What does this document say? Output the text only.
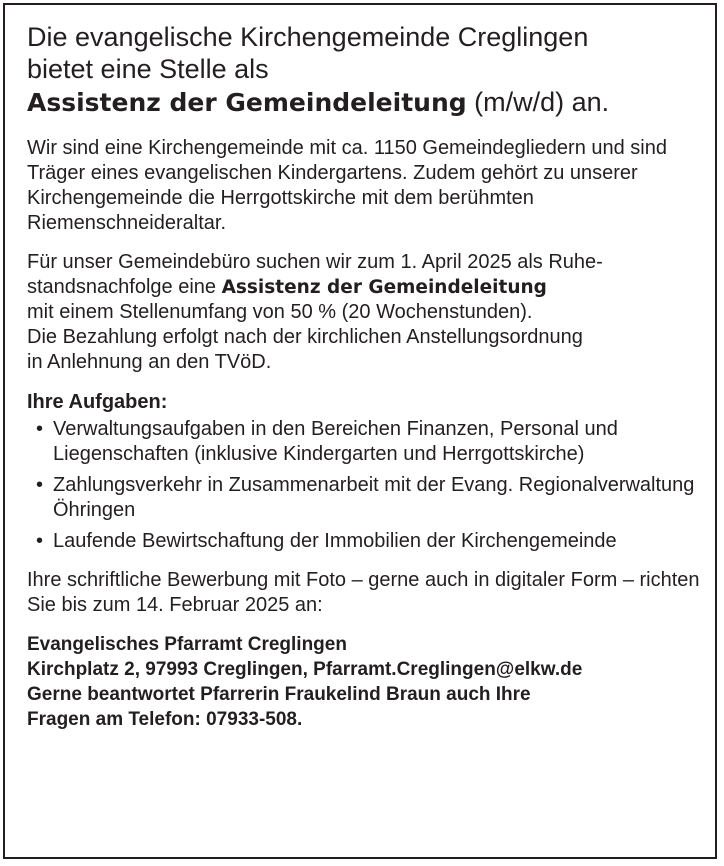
Die evangelische Kirchengemeinde Creglingen

bietet eine Stelle als

Assistenz der Gemeindeleitung (m/w/d) an.

Wir sind eine Kirchengemeinde mit ca. 1150 Gemeindegliedern und sind Träger eines evangelischen Kindergartens. Zudem gehört zu unserer Kirchengemeinde die Herrgottskirche mit dem berühmten Riemenschneideraltar.

Für unser Gemeindebüro suchen wir zum 1. April 2025 als Ruhe-
standsnachfolge eine Assistenz der Gemeindeleitung
mit einem Stellenumfang von 50 % (20 Wochenstunden).
Die Bezahlung erfolgt nach der kirchlichen Anstellungsordnung
in Anlehnung an den TVöD.

Ihre Aufgaben:
• Verwaltungsaufgaben in den Bereichen Finanzen, Personal und Liegenschaften (inklusive Kindergarten und Herrgottskirche)
• Zahlungsverkehr in Zusammenarbeit mit der Evang. Regionalverwaltung Öhringen
• Laufende Bewirtschaftung der Immobilien der Kirchengemeinde

Ihre schriftliche Bewerbung mit Foto – gerne auch in digitaler Form – richten Sie bis zum 14. Februar 2025 an:

Evangelisches Pfarramt Creglingen
Kirchplatz 2, 97993 Creglingen, Pfarramt.Creglingen@elkw.de
Gerne beantwortet Pfarrerin Fraukelind Braun auch Ihre
Fragen am Telefon: 07933-508.
